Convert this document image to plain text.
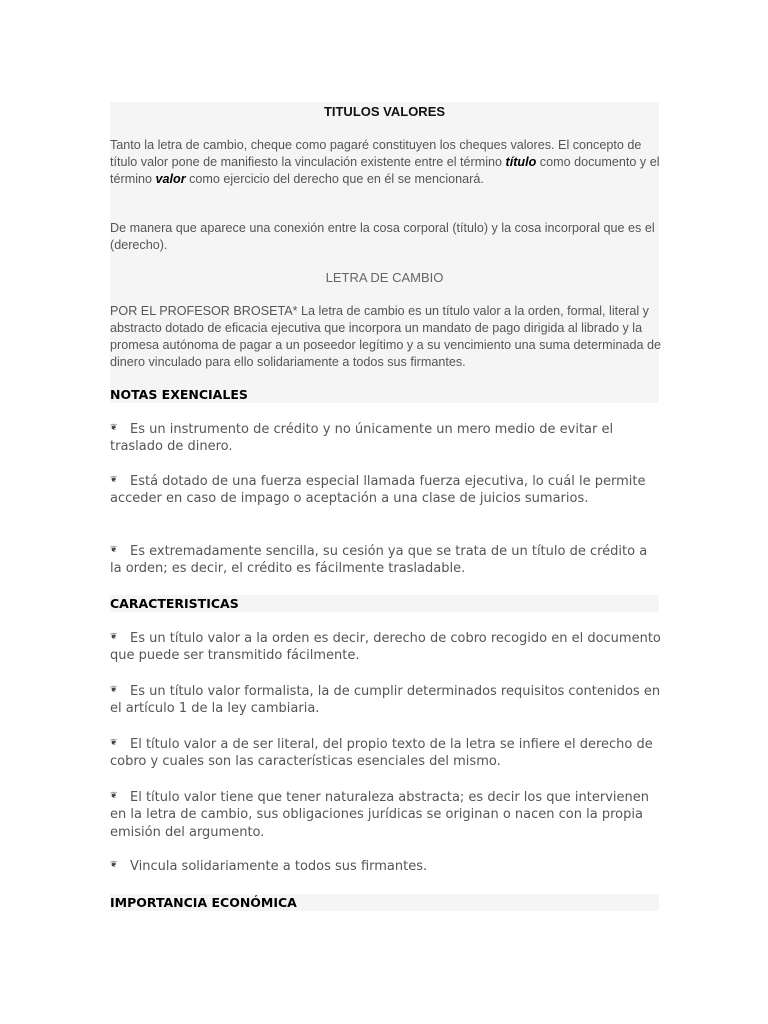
TITULOS VALORES

Tanto la letra de cambio, cheque como pagaré constituyen los cheques valores. El concepto de título valor pone de manifiesto la vinculación existente entre el término título como documento y el término valor como ejercicio del derecho que en él se mencionará.

De manera que aparece una conexión entre la cosa corporal (título) y la cosa incorporal que es el (derecho).

LETRA DE CAMBIO

POR EL PROFESOR BROSETA* La letra de cambio es un título valor a la orden, formal, literal y abstracto dotado de eficacia ejecutiva que incorpora un mandato de pago dirigida al librado y la promesa autónoma de pagar a un poseedor legítimo y a su vencimiento una suma determinada de dinero vinculado para ello solidariamente a todos sus firmantes.

NOTAS EXENCIALES

❦ Es un instrumento de crédito y no únicamente un mero medio de evitar el traslado de dinero.

❦ Está dotado de una fuerza especial llamada fuerza ejecutiva, lo cuál le permite acceder en caso de impago o aceptación a una clase de juicios sumarios.

❦ Es extremadamente sencilla, su cesión ya que se trata de un título de crédito a la orden; es decir, el crédito es fácilmente trasladable.

CARACTERISTICAS

❦ Es un título valor a la orden es decir, derecho de cobro recogido en el documento que puede ser transmitido fácilmente.

❦ Es un título valor formalista, la de cumplir determinados requisitos contenidos en el artículo 1 de la ley cambiaria.

❦ El título valor a de ser literal, del propio texto de la letra se infiere el derecho de cobro y cuales son las características esenciales del mismo.

❦ El título valor tiene que tener naturaleza abstracta; es decir los que intervienen en la letra de cambio, sus obligaciones jurídicas se originan o nacen con la propia emisión del argumento.

❦ Vincula solidariamente a todos sus firmantes.

IMPORTANCIA ECONÓMICA
